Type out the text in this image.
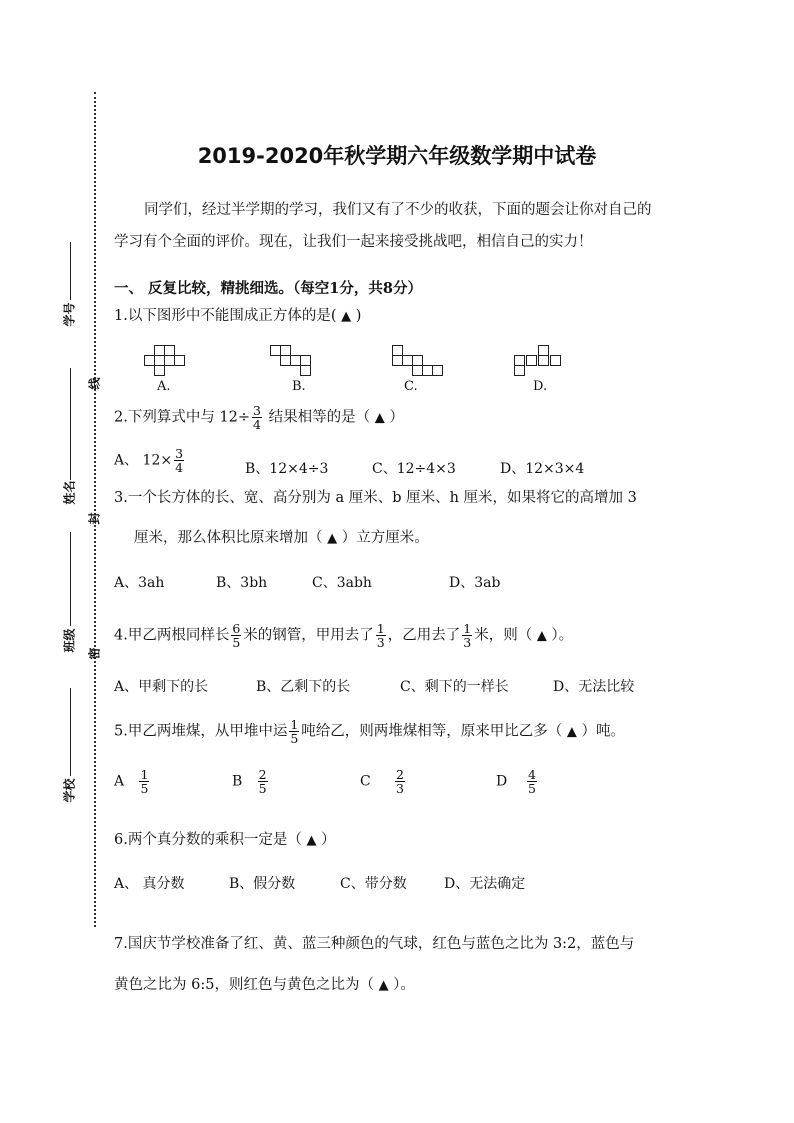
线
封
密
学号
姓名
班级
学校
2019-2020年秋学期六年级数学期中试卷
同学们，经过半学期的学习，我们又有了不少的收获，下面的题会让你对自己的
学习有个全面的评价。现在，让我们一起来接受挑战吧，相信自己的实力！
一、 反复比较，精挑细选。（每空1分，共8分）
1.以下图形中不能围成正方体的是( ▲ )
A.	B.	C.	D.
2.下列算式中与 $12\div \frac{3}{4}$ 结果相等的是（ ▲ ）
A、 $12\times \frac{3}{4}$	B、12×4÷3	C、12÷4×3	D、12×3×4
3.一个长方体的长、宽、高分别为 a 厘米、b 厘米、h 厘米，如果将它的高增加 3
厘米，那么体积比原来增加（ ▲ ）立方厘米。
A、3ah	B、3bh	C、3abh	D、3ab
4.甲乙两根同样长 $\frac{6}{5}$ 米的钢管，甲用去了 $\frac{1}{3}$ ，乙用去了 $\frac{1}{3}$ 米，则（ ▲ ）。
A、甲剩下的长	B、乙剩下的长	C、剩下的一样长	D、无法比较
5.甲乙两堆煤，从甲堆中运 $\frac{1}{5}$ 吨给乙，则两堆煤相等，原来甲比乙多（ ▲ ）吨。
A $\frac{1}{5}$	B $\frac{2}{5}$	C $\frac{2}{3}$	D $\frac{4}{5}$
6.两个真分数的乘积一定是（ ▲ ）
A、 真分数	B、假分数	C、带分数	D、无法确定
7.国庆节学校准备了红、黄、蓝三种颜色的气球，红色与蓝色之比为 3:2，蓝色与
黄色之比为 6:5，则红色与黄色之比为（ ▲ ）。
